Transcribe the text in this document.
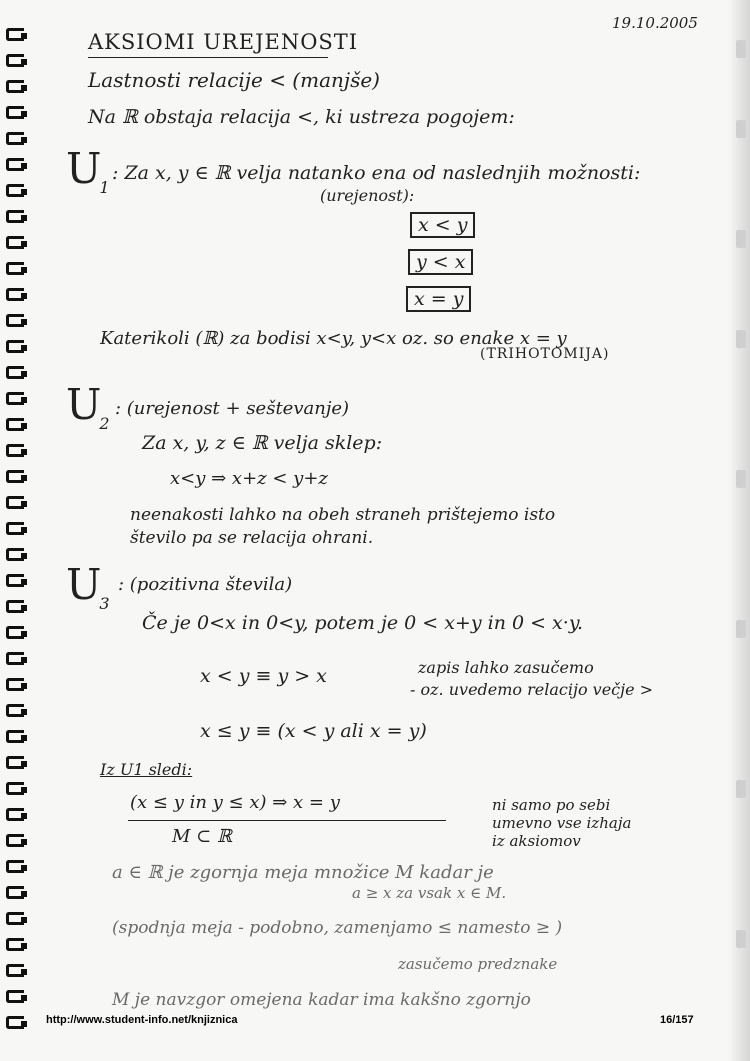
19.10.2005
AKSIOMI UREJENOSTI
Lastnosti relacije < (manjše)
Na ℝ obstaja relacija <, ki ustreza pogojem:
U1
: Za x, y ∈ ℝ velja natanko ena od naslednjih možnosti:
(urejenost):
x < y
y < x
x = y
Katerikoli (ℝ) za bodisi x<y, y<x oz. so enake x = y
(TRIHOTOMIJA)
U2
: (urejenost + seštevanje)
Za x, y, z ∈ ℝ velja sklep:
x<y ⇒ x+z < y+z
neenakosti lahko na obeh straneh prištejemo isto
število pa se relacija ohrani.
U3
: (pozitivna števila)
Če je 0<x in 0<y, potem je 0 < x+y in 0 < x·y.
x < y ≡ y > x	zapis lahko zasučemo
- oz. uvedemo relacijo večje >
x ≤ y ≡ (x < y ali x = y)
Iz U1 sledi:
(x ≤ y in y ≤ x) ⇒ x = y
M ⊂ ℝ
ni samo po sebi
umevno vse izhaja
iz aksiomov
a ∈ ℝ je zgornja meja množice M kadar je
a ≥ x za vsak x ∈ M.
(spodnja meja - podobno, zamenjamo ≤ namesto ≥ )
zasučemo predznake
M je navzgor omejena kadar ima kakšno zgornjo
http://www.student-info.net/knjiznica	16/157
